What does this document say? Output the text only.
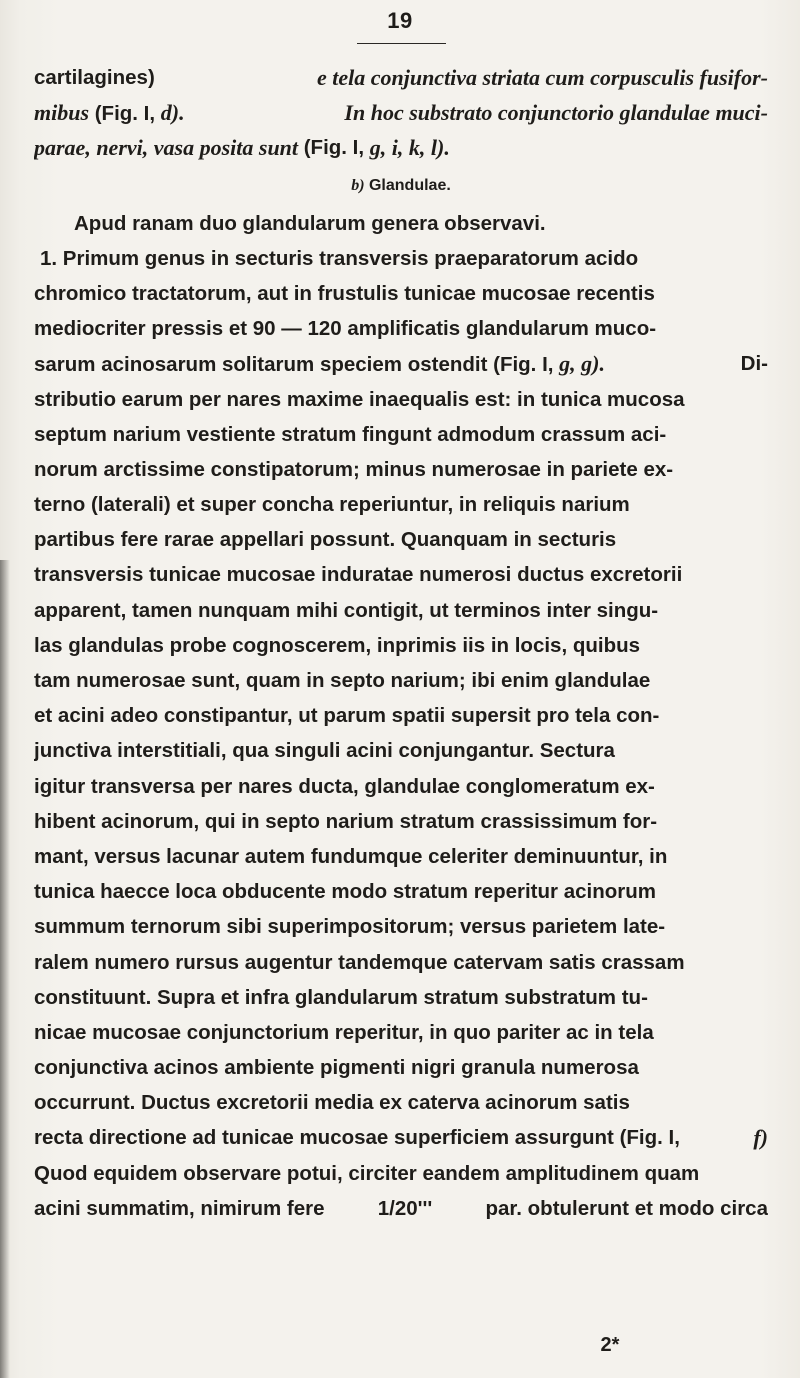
19
cartilagines)	e tela conjunctiva striata cum corpusculis fusifor-
mibus (Fig. I, d).	In hoc substrato conjunctorio glandulae muci-
parae, nervi, vasa posita sunt (Fig. I, g, i, k, l).
b) Glandulae.
Apud ranam duo glandularum genera observavi.
1. Primum genus in secturis transversis praeparatorum acido
chromico tractatorum, aut in frustulis tunicae mucosae recentis
mediocriter pressis et 90 — 120 amplificatis glandularum muco-
sarum acinosarum solitarum speciem ostendit (Fig. I, g, g).	Di-
stributio earum per nares maxime inaequalis est: in tunica mucosa
septum narium vestiente stratum fingunt admodum crassum aci-
norum arctissime constipatorum; minus numerosae in pariete ex-
terno (laterali) et super concha reperiuntur, in reliquis narium
partibus fere rarae appellari possunt. Quanquam in secturis
transversis tunicae mucosae induratae numerosi ductus excretorii
apparent, tamen nunquam mihi contigit, ut terminos inter singu-
las glandulas probe cognoscerem, inprimis iis in locis, quibus
tam numerosae sunt, quam in septo narium; ibi enim glandulae
et acini adeo constipantur, ut parum spatii supersit pro tela con-
junctiva interstitiali, qua singuli acini conjungantur. Sectura
igitur transversa per nares ducta, glandulae conglomeratum ex-
hibent acinorum, qui in septo narium stratum crassissimum for-
mant, versus lacunar autem fundumque celeriter deminuuntur, in
tunica haecce loca obducente modo stratum reperitur acinorum
summum ternorum sibi superimpositorum; versus parietem late-
ralem numero rursus augentur tandemque catervam satis crassam
constituunt. Supra et infra glandularum stratum substratum tu-
nicae mucosae conjunctorium reperitur, in quo pariter ac in tela
conjunctiva acinos ambiente pigmenti nigri granula numerosa
occurrunt. Ductus excretorii media ex caterva acinorum satis
recta directione ad tunicae mucosae superficiem assurgunt (Fig. I,	f)
Quod equidem observare potui, circiter eandem amplitudinem quam
acini summatim, nimirum fere 1/20''' par. obtulerunt et modo circa
2*
